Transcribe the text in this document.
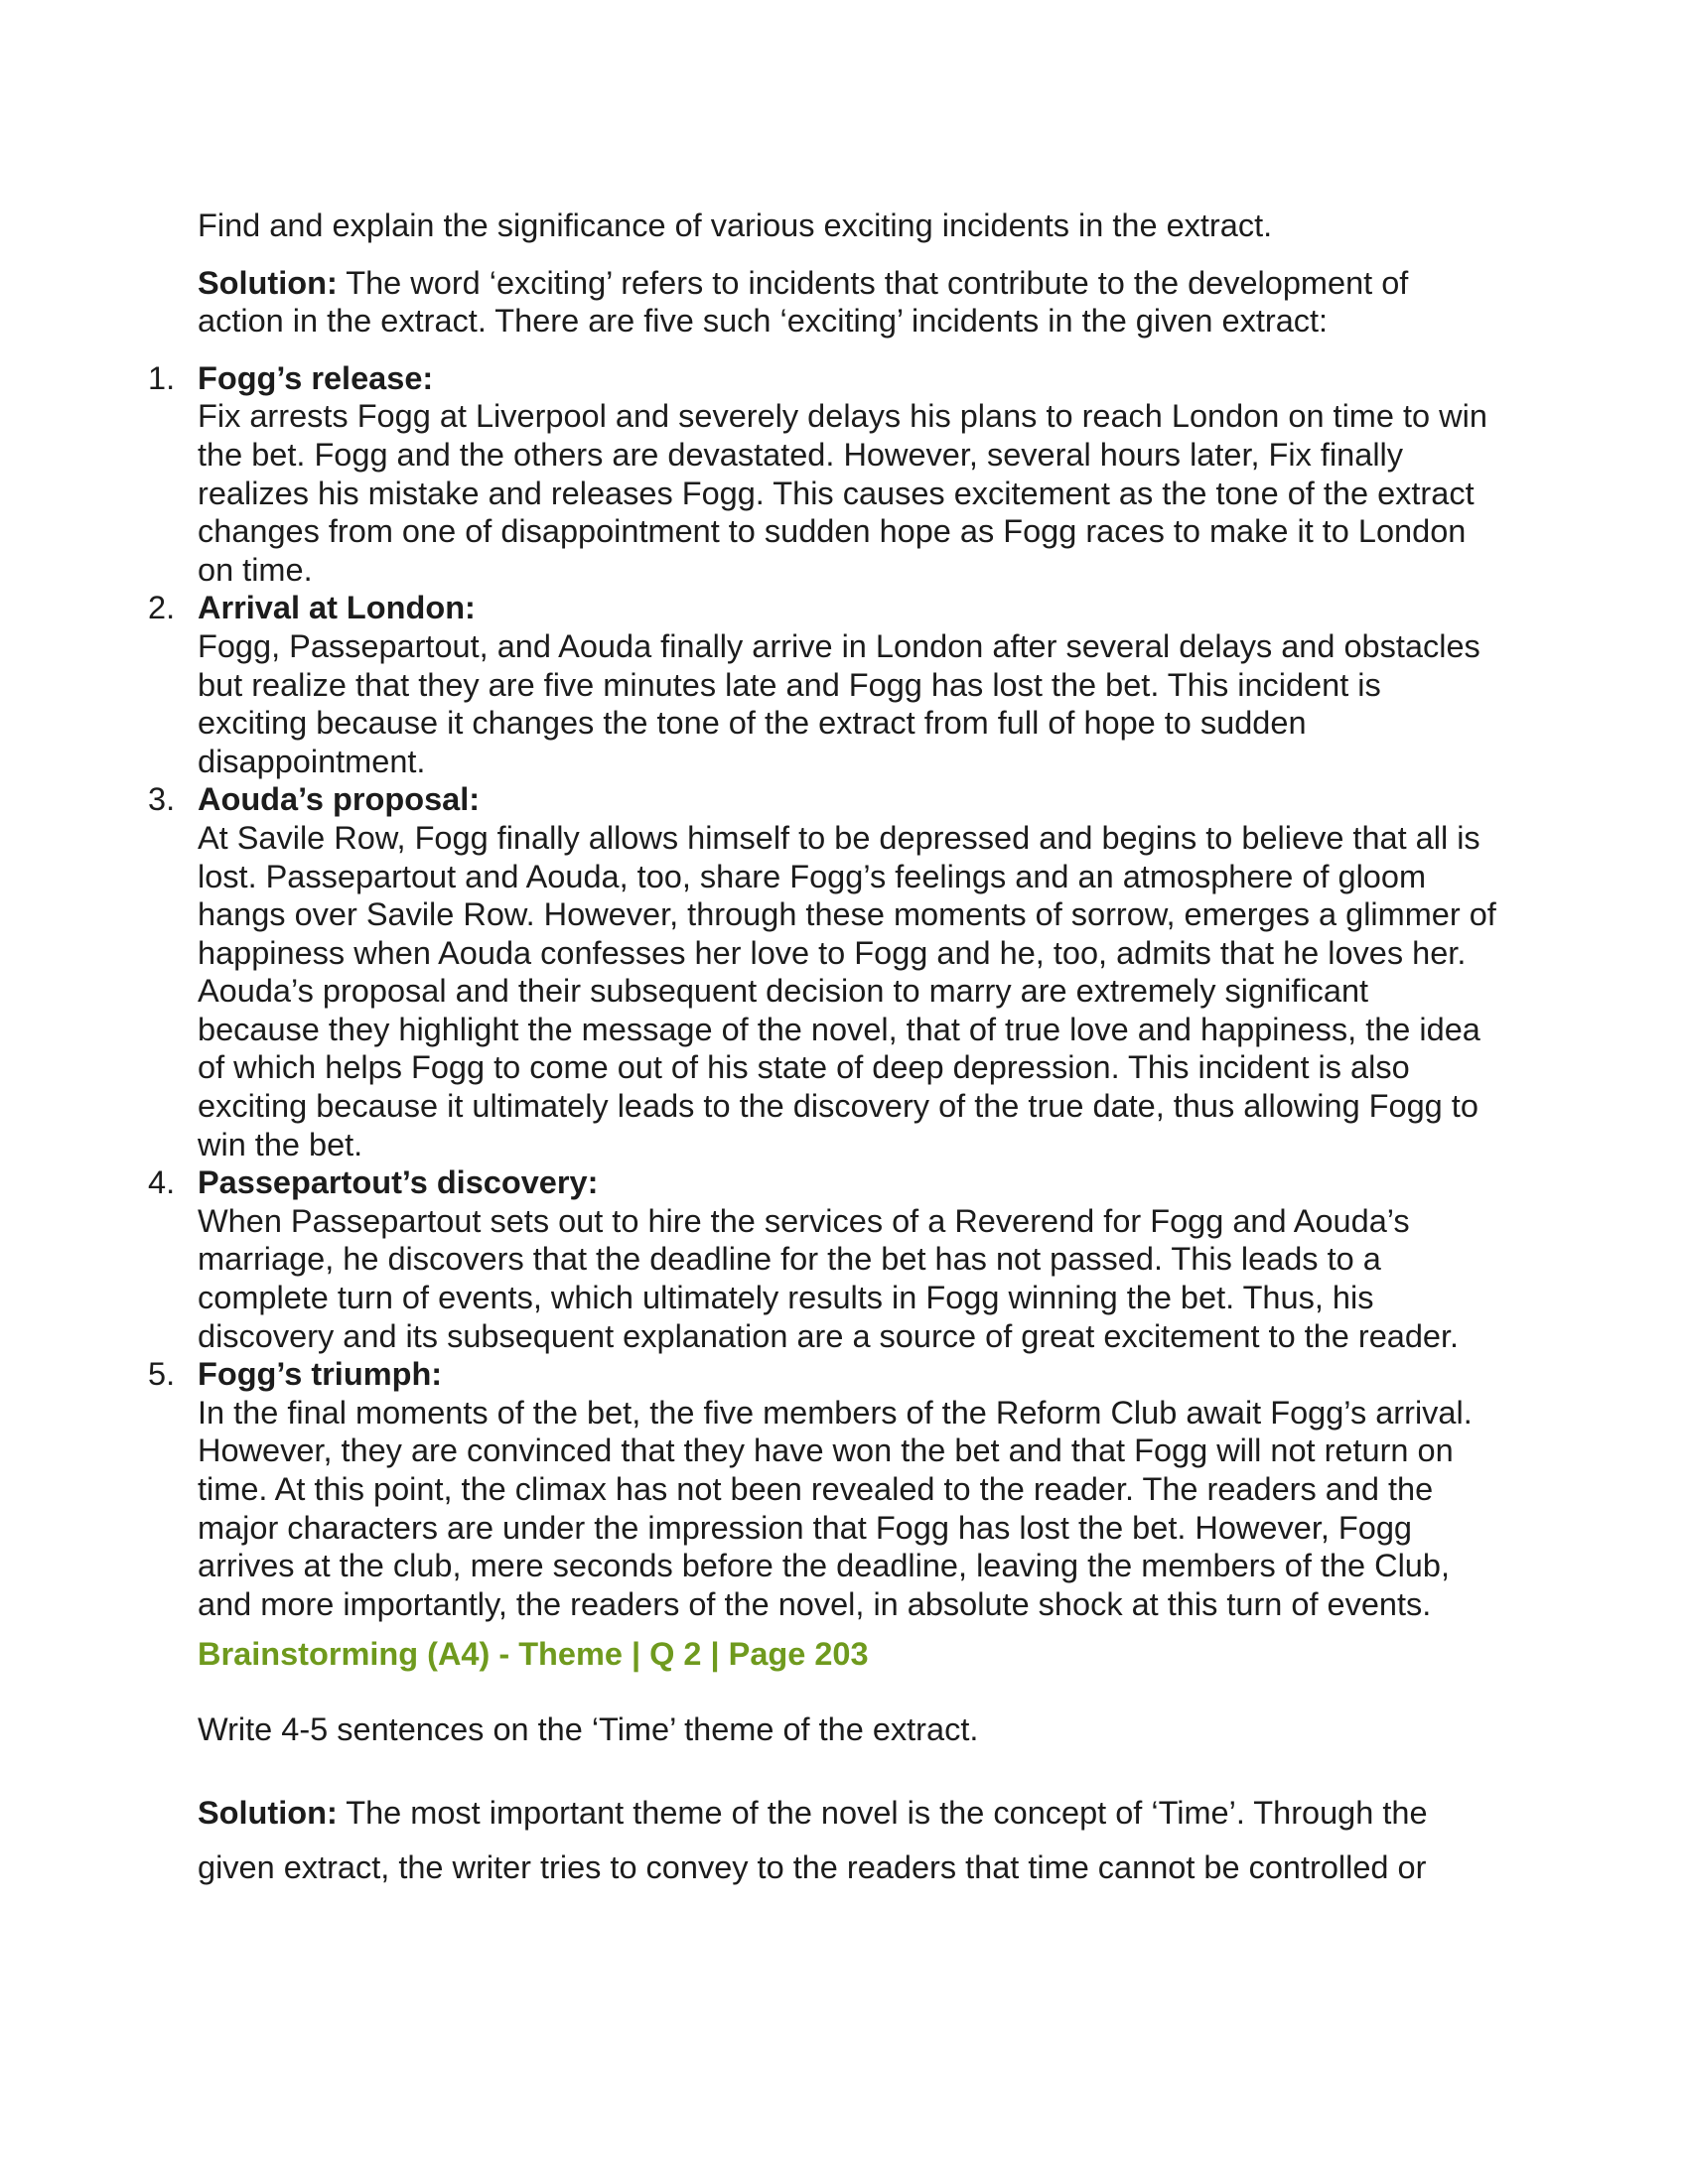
Find and explain the significance of various exciting incidents in the extract.

Solution: The word ‘exciting’ refers to incidents that contribute to the development of action in the extract. There are five such ‘exciting’ incidents in the given extract:

1. Fogg’s release:
Fix arrests Fogg at Liverpool and severely delays his plans to reach London on time to win the bet. Fogg and the others are devastated. However, several hours later, Fix finally realizes his mistake and releases Fogg. This causes excitement as the tone of the extract changes from one of disappointment to sudden hope as Fogg races to make it to London on time.
2. Arrival at London:
Fogg, Passepartout, and Aouda finally arrive in London after several delays and obstacles but realize that they are five minutes late and Fogg has lost the bet. This incident is exciting because it changes the tone of the extract from full of hope to sudden disappointment.
3. Aouda’s proposal:
At Savile Row, Fogg finally allows himself to be depressed and begins to believe that all is lost. Passepartout and Aouda, too, share Fogg’s feelings and an atmosphere of gloom hangs over Savile Row. However, through these moments of sorrow, emerges a glimmer of happiness when Aouda confesses her love to Fogg and he, too, admits that he loves her. Aouda’s proposal and their subsequent decision to marry are extremely significant because they highlight the message of the novel, that of true love and happiness, the idea of which helps Fogg to come out of his state of deep depression. This incident is also exciting because it ultimately leads to the discovery of the true date, thus allowing Fogg to win the bet.
4. Passepartout’s discovery:
When Passepartout sets out to hire the services of a Reverend for Fogg and Aouda’s marriage, he discovers that the deadline for the bet has not passed. This leads to a complete turn of events, which ultimately results in Fogg winning the bet. Thus, his discovery and its subsequent explanation are a source of great excitement to the reader.
5. Fogg’s triumph:
In the final moments of the bet, the five members of the Reform Club await Fogg’s arrival. However, they are convinced that they have won the bet and that Fogg will not return on time. At this point, the climax has not been revealed to the reader. The readers and the major characters are under the impression that Fogg has lost the bet. However, Fogg arrives at the club, mere seconds before the deadline, leaving the members of the Club, and more importantly, the readers of the novel, in absolute shock at this turn of events.
Brainstorming (A4) - Theme | Q 2 | Page 203

Write 4-5 sentences on the ‘Time’ theme of the extract.

Solution: The most important theme of the novel is the concept of ‘Time’. Through the given extract, the writer tries to convey to the readers that time cannot be controlled or
